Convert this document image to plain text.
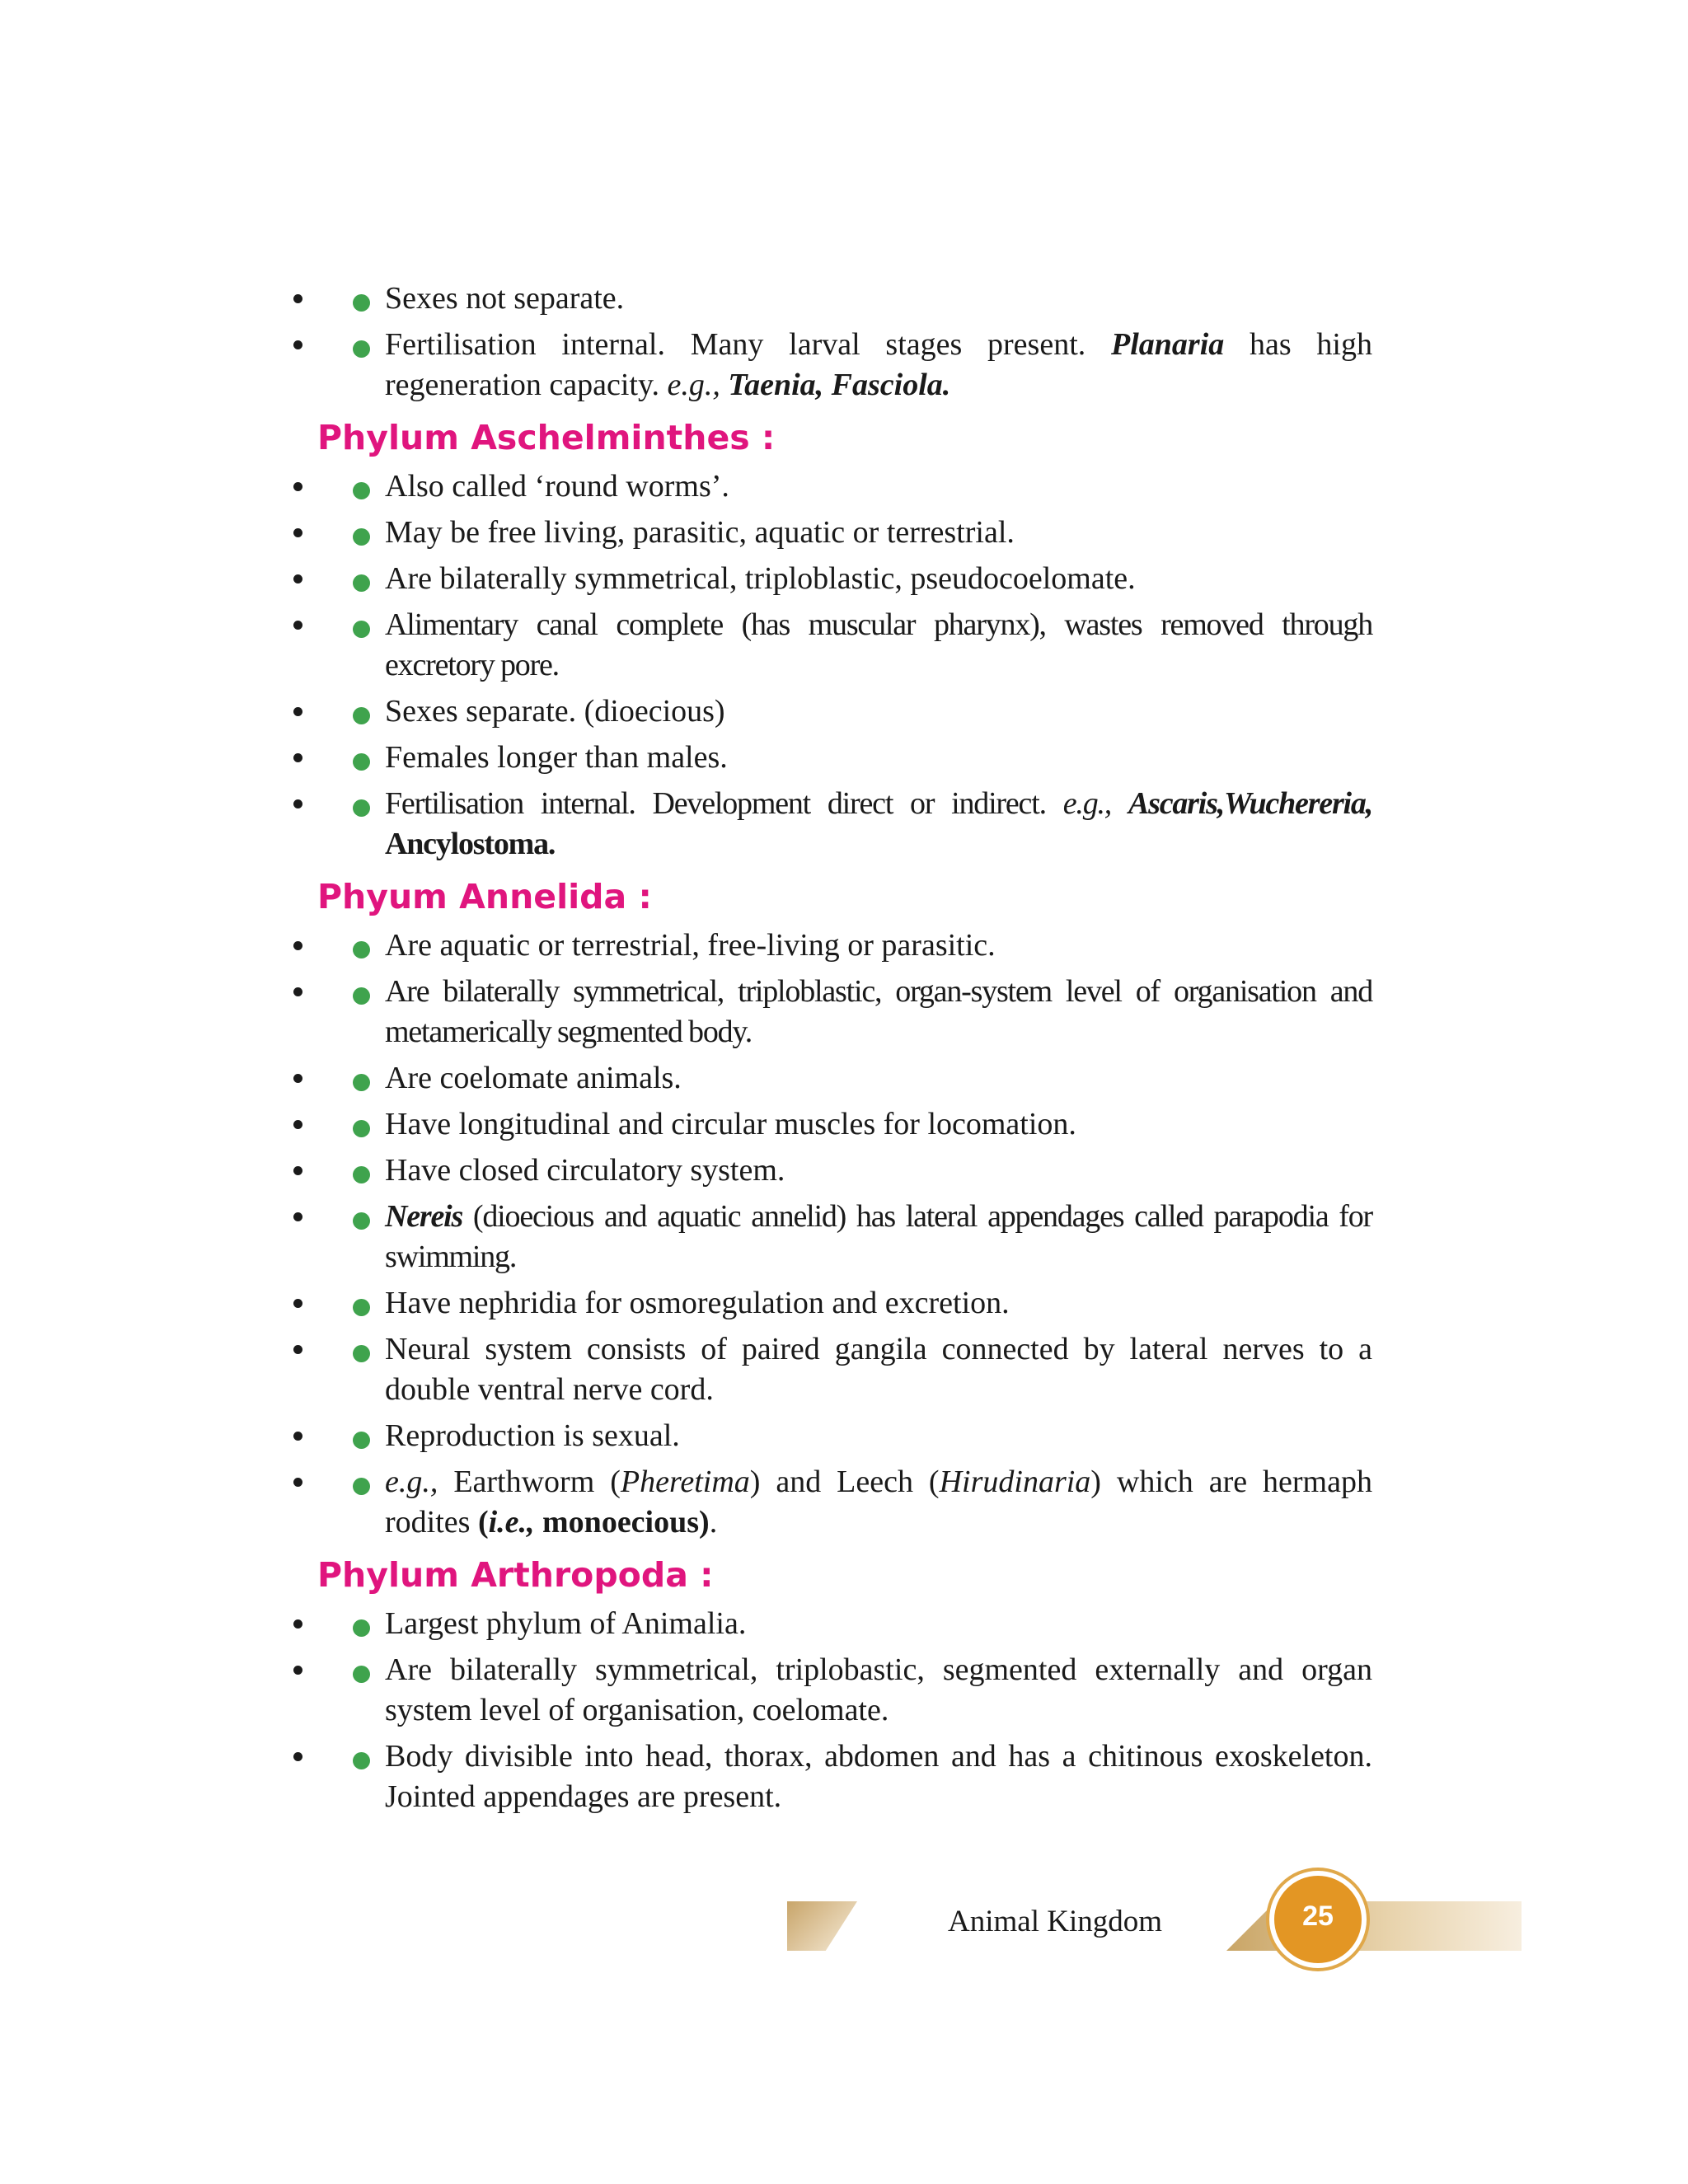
• Sexes not separate.
• Fertilisation internal. Many larval stages present. Planaria has high regeneration capacity. e.g., Taenia, Fasciola.
Phylum Aschelminthes :
• Also called ‘round worms’.
• May be free living, parasitic, aquatic or terrestrial.
• Are bilaterally symmetrical, triploblastic, pseudocoelomate.
• Alimentary canal complete (has muscular pharynx), wastes removed through excretory pore.
• Sexes separate. (dioecious)
• Females longer than males.
• Fertilisation internal. Development direct or indirect. e.g., Ascaris,Wuchereria, Ancylostoma.
Phyum Annelida :
• Are aquatic or terrestrial, free-living or parasitic.
• Are bilaterally symmetrical, triploblastic, organ-system level of organisation and metamerically segmented body.
• Are coelomate animals.
• Have longitudinal and circular muscles for locomation.
• Have closed circulatory system.
• Nereis (dioecious and aquatic annelid) has lateral appendages called parapodia for swimming.
• Have nephridia for osmoregulation and excretion.
• Neural system consists of paired gangila connected by lateral nerves to a double ventral nerve cord.
• Reproduction is sexual.
• e.g., Earthworm (Pheretima) and Leech (Hirudinaria) which are hermaph rodites (i.e., monoecious).
Phylum Arthropoda :
• Largest phylum of Animalia.
• Are bilaterally symmetrical, triplobastic, segmented externally and organ system level of organisation, coelomate.
• Body divisible into head, thorax, abdomen and has a chitinous exoskeleton. Jointed appendages are present.
Animal Kingdom	25
